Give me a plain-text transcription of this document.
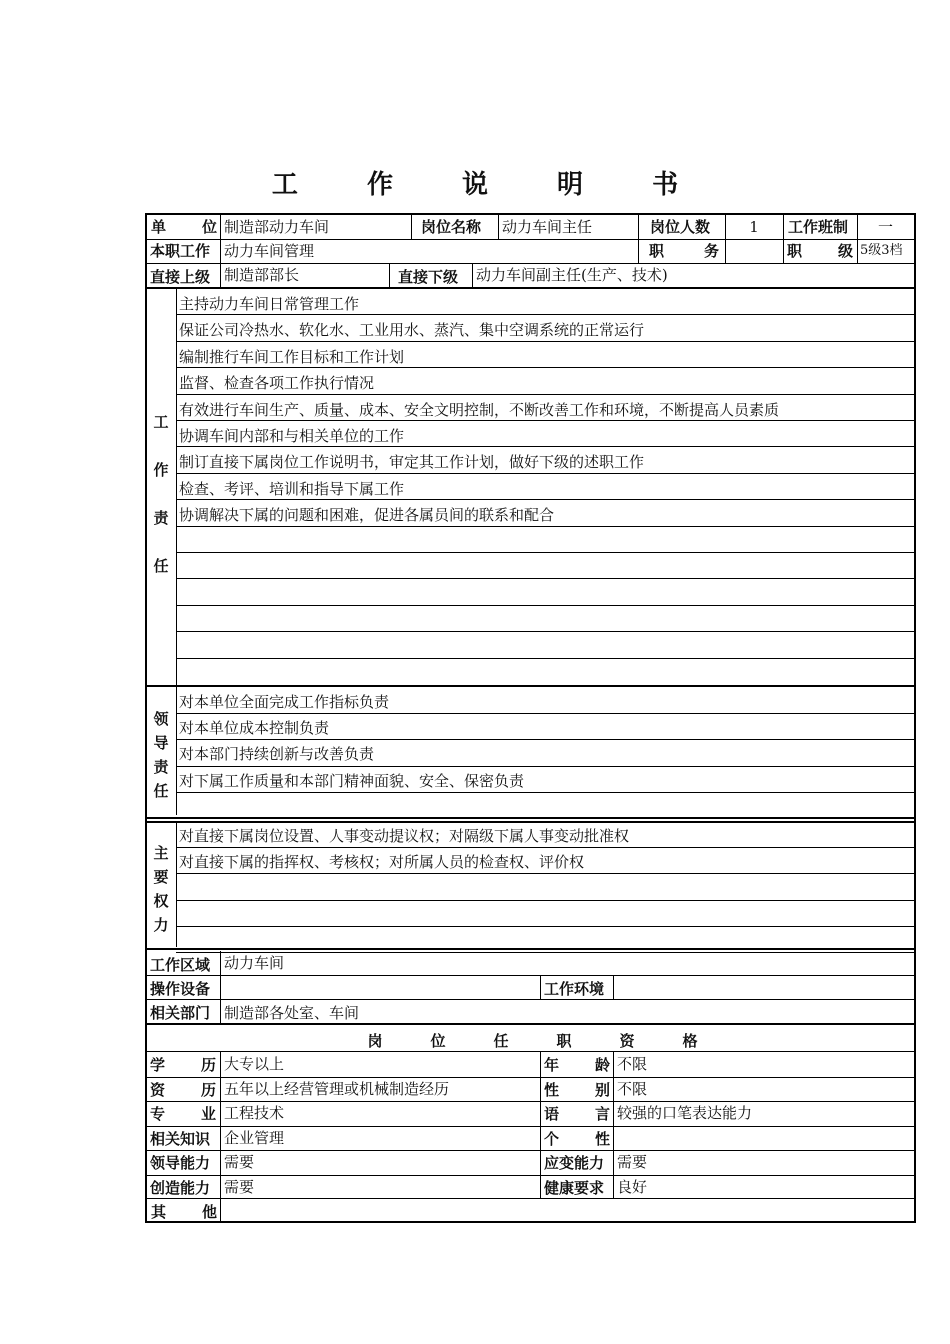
工 作 说 明 书
单 位 制造部动力车间	岗位名称 动力车间主任	岗位人数	1	工作班制	一
本职工作 动力车间管理	职	务	职 级 5级3档
直接上级 制造部部长	直接下级 动力车间副主任(生产、技术)
工
作
责
任
主持动力车间日常管理工作
保证公司冷热水、软化水、工业用水、蒸汽、集中空调系统的正常运行
编制推行车间工作目标和工作计划
监督、检查各项工作执行情况
有效进行车间生产、质量、成本、安全文明控制，不断改善工作和环境，不断提高人员素质
协调车间内部和与相关单位的工作
制订直接下属岗位工作说明书，审定其工作计划，做好下级的述职工作
检查、考评、培训和指导下属工作
协调解决下属的问题和困难，促进各属员间的联系和配合
领
导
责
任
对本单位全面完成工作指标负责
对本单位成本控制负责
对本部门持续创新与改善负责
对下属工作质量和本部门精神面貌、安全、保密负责
主
要
权
力
对直接下属岗位设置、人事变动提议权；对隔级下属人事变动批准权
对直接下属的指挥权、考核权；对所属人员的检查权、评价权
工作区域 动力车间
操作设备	工作环境
相关部门 制造部各处室、车间
岗位任职资格
学 历 大专以上	年 龄 不限
资 历 五年以上经营管理或机械制造经历	性 别 不限
专 业 工程技术	语 言 较强的口笔表达能力
相关知识 企业管理	个 性
领导能力 需要	应变能力 需要
创造能力 需要	健康要求 良好
其 他
